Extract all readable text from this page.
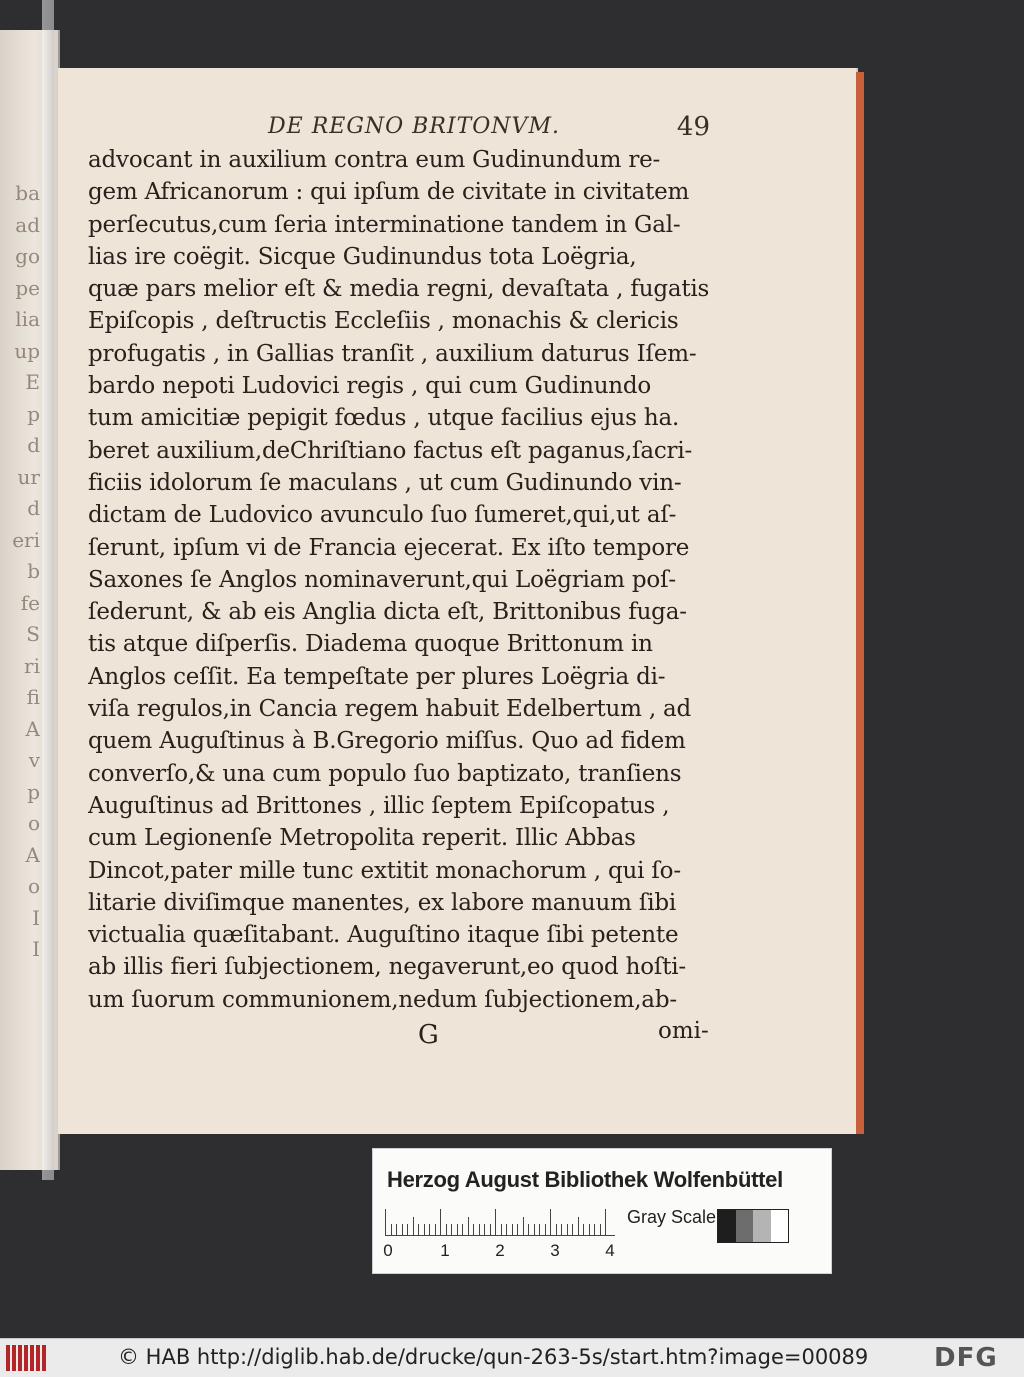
ba
ad
go
pe
lia
up
E
p
d
ur
d
eri
b
fe
S
ri
fi
A
v
p
o
A
o
I
I
DE REGNO BRITONVM.	49
advocant in auxilium contra eum Gudinundum re-
gem Africanorum : qui ipſum de civitate in civitatem
perſecutus,cum ſeria interminatione tandem in Gal-
lias ire coëgit. Sicque Gudinundus tota Loëgria,
quæ pars melior eſt & media regni, devaſtata , fugatis
Epiſcopis , deſtructis Eccleſiis , monachis & clericis
profugatis , in Gallias tranſit , auxilium daturus Iſem-
bardo nepoti Ludovici regis , qui cum Gudinundo
tum amicitiæ pepigit fœdus , utque facilius ejus ha.
beret auxilium,deChriſtiano factus eſt paganus,ſacri-
ficiis idolorum ſe maculans , ut cum Gudinundo vin-
dictam de Ludovico avunculo ſuo ſumeret,qui,ut aſ-
ſerunt, ipſum vi de Francia ejecerat. Ex iſto tempore
Saxones ſe Anglos nominaverunt,qui Loëgriam poſ-
ſederunt, & ab eis Anglia dicta eſt, Brittonibus fuga-
tis atque diſperſis. Diadema quoque Brittonum in
Anglos ceſſit. Ea tempeſtate per plures Loëgria di-
viſa regulos,in Cancia regem habuit Edelbertum , ad
quem Auguſtinus à B.Gregorio miſſus. Quo ad fidem
converſo,& una cum populo ſuo baptizato, tranſiens
Auguſtinus ad Brittones , illic ſeptem Epiſcopatus ,
cum Legionenſe Metropolita reperit. Illic Abbas
Dincot,pater mille tunc extitit monachorum , qui ſo-
litarie diviſimque manentes, ex labore manuum ſibi
victualia quæſitabant. Auguſtino itaque ſibi petente
ab illis fieri ſubjectionem, negaverunt,eo quod hoſti-
um ſuorum communionem,nedum ſubjectionem,ab-
G	omi-
Herzog August Bibliothek Wolfenbüttel
0	1	2	3	4
Gray Scale
© HAB http://diglib.hab.de/drucke/qun-263-5s/start.htm?image=00089	DFG
